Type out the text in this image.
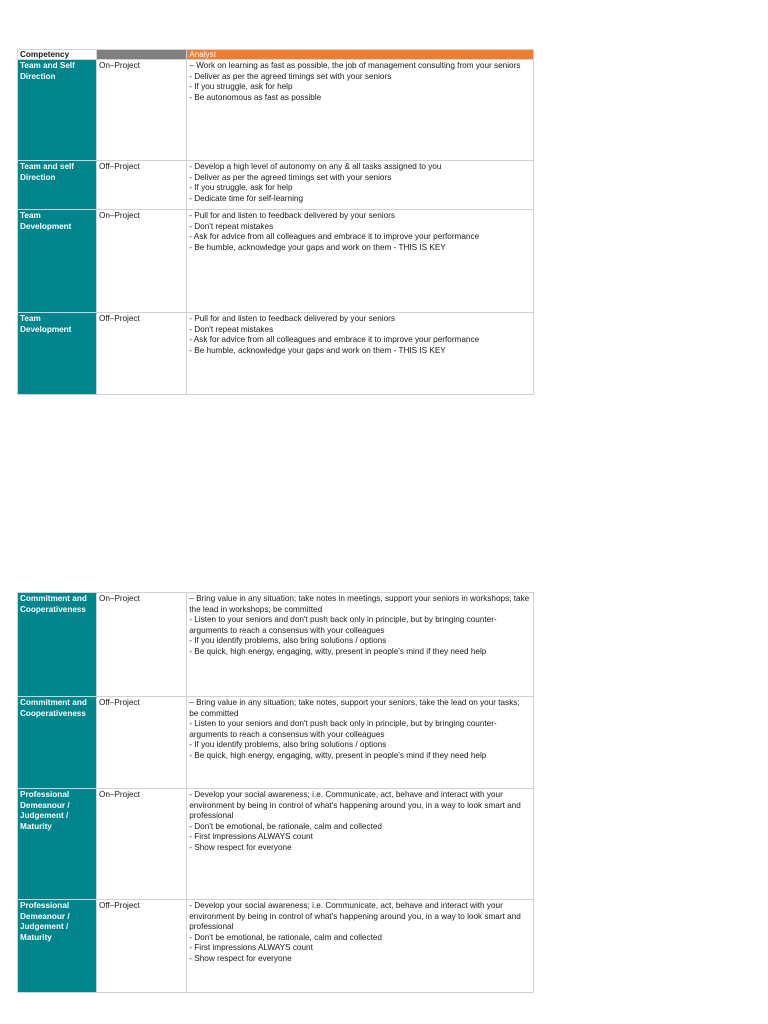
Competency		Analyst
Team and Self Direction	On–Project	– Work on learning as fast as possible, the job of management consulting from your seniors
- Deliver as per the agreed timings set with your seniors
- If you struggle, ask for help
- Be autonomous as fast as possible

Team and self Direction	Off–Project	- Develop a high level of autonomy on any & all tasks assigned to you
- Deliver as per the agreed timings set with your seniors
- If you struggle, ask for help
- Dedicate time for self-learning

Team Development	On–Project	- Pull for and listen to feedback delivered by your seniors
- Don't repeat mistakes
- Ask for advice from all colleagues and embrace it to improve your performance
- Be humble, acknowledge your gaps and work on them - THIS IS KEY

Team Development	Off–Project	- Pull for and listen to feedback delivered by your seniors
- Don't repeat mistakes
- Ask for advice from all colleagues and embrace it to improve your performance
- Be humble, acknowledge your gaps and work on them - THIS IS KEY
Commitment and Cooperativeness	On–Project	– Bring value in any situation; take notes in meetings, support your seniors in workshops, take the lead in workshops; be committed
- Listen to your seniors and don't push back only in principle, but by bringing counter-arguments to reach a consensus with your colleagues
- If you identify problems, also bring solutions / options
- Be quick, high energy, engaging, witty, present in people's mind if they need help

Commitment and Cooperativeness	Off–Project	– Bring value in any situation; take notes, support your seniors, take the lead on your tasks; be committed
- Listen to your seniors and don't push back only in principle, but by bringing counter-arguments to reach a consensus with your colleagues
- If you identify problems, also bring solutions / options
- Be quick, high energy, engaging, witty, present in people's mind if they need help

Professional Demeanour / Judgement / Maturity	On–Project	- Develop your social awareness; i.e. Communicate, act, behave and interact with your environment by being in control of what's happening around you, in a way to look smart and professional
- Don't be emotional, be rationale, calm and collected
- First impressions ALWAYS count
- Show respect for everyone

Professional Demeanour / Judgement / Maturity	Off–Project	- Develop your social awareness; i.e. Communicate, act, behave and interact with your environment by being in control of what's happening around you, in a way to look smart and professional
- Don't be emotional, be rationale, calm and collected
- First impressions ALWAYS count
- Show respect for everyone
